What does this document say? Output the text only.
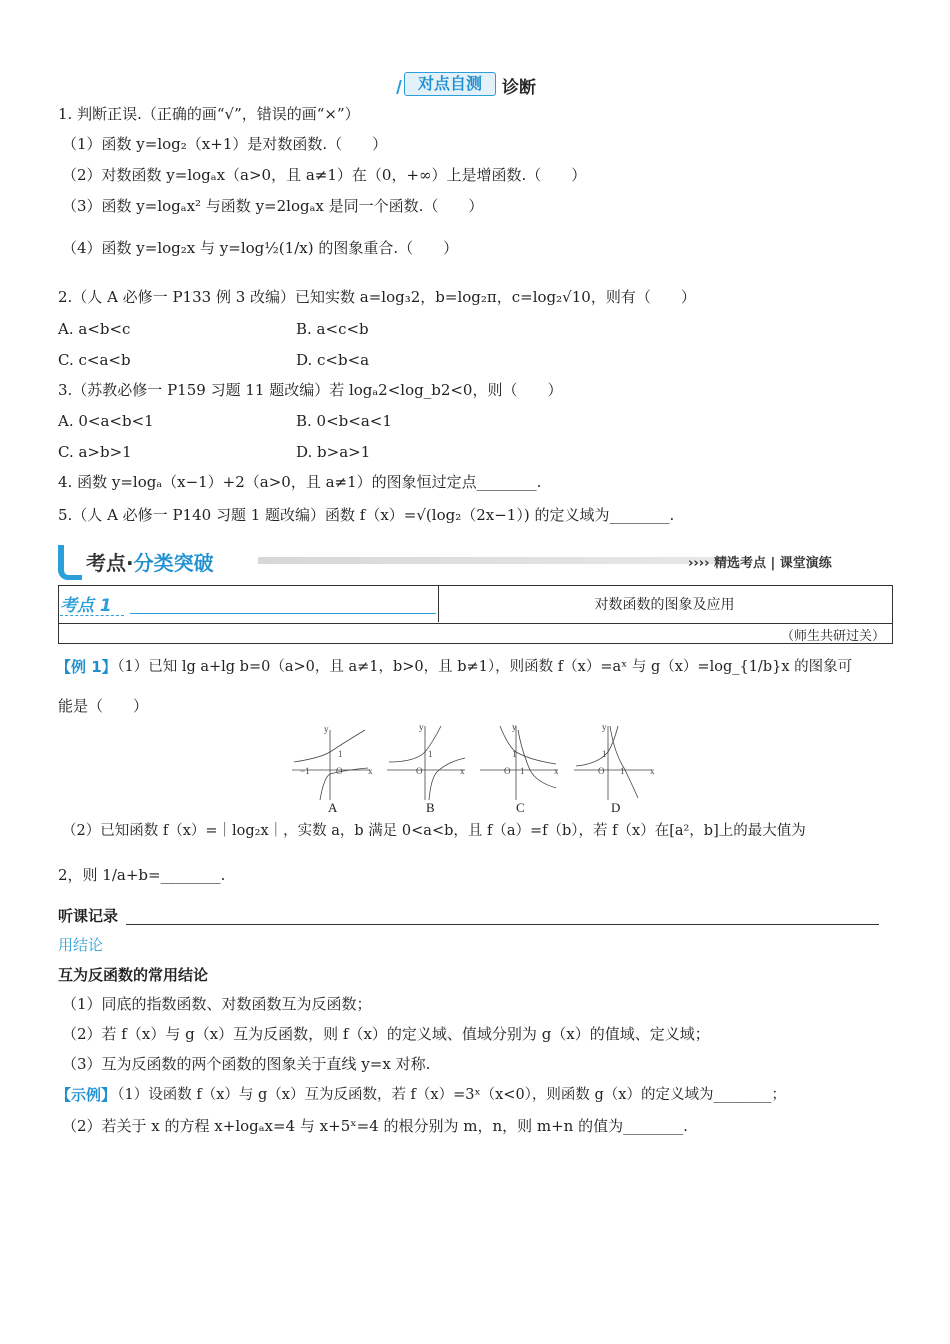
对点自测	诊断
1. 判断正误.（正确的画“√”，错误的画“×”）
（1）函数 y=log₂（x+1）是对数函数.（　　）
（2）对数函数 y=logₐx（a>0，且 a≠1）在（0，+∞）上是增函数.（　　）
（3）函数 y=logₐx² 与函数 y=2logₐx 是同一个函数.（　　）
（4）函数 y=log₂x 与 y=log½(1/x) 的图象重合.（　　）
2.（人 A 必修一 P133 例 3 改编）已知实数 a=log₃2，b=log₂π，c=log₂√10，则有（　　）
A. a<b<c	B. a<c<b
C. c<a<b	D. c<b<a
3.（苏教必修一 P159 习题 11 题改编）若 logₐ2<log_b2<0，则（　　）
A. 0<a<b<1	B. 0<b<a<1
C. a>b>1	D. b>a>1
4. 函数 y=logₐ（x−1）+2（a>0，且 a≠1）的图象恒过定点________.
5.（人 A 必修一 P140 习题 1 题改编）函数 f（x）=√(log₂（2x−1）) 的定义域为________.
考点·分类突破	›››› 精选考点 | 课堂演练
考点 1	对数函数的图象及应用
（师生共研过关）
【例 1】
（1）已知 lg a+lg b=0（a>0，且 a≠1，b>0，且 b≠1），则函数 f（x）=aˣ 与 g（x）=log_{1/b}x 的图象可
能是（　　）
−1	O
1
x
y
O
1
x
y
O 1
1
x
y
O 1
1
x
y
A	B	C	D
（2）已知函数 f（x）=｜log₂x｜，实数 a，b 满足 0<a<b，且 f（a）=f（b），若 f（x）在[a²，b]上的最大值为
2，则 1/a+b=________.
听课记录
用结论
互为反函数的常用结论
（1）同底的指数函数、对数函数互为反函数；
（2）若 f（x）与 g（x）互为反函数，则 f（x）的定义域、值域分别为 g（x）的值域、定义域；
（3）互为反函数的两个函数的图象关于直线 y=x 对称.
【示例】
（1）设函数 f（x）与 g（x）互为反函数，若 f（x）=3ˣ（x<0），则函数 g（x）的定义域为________；
（2）若关于 x 的方程 x+logₐx=4 与 x+5ˣ=4 的根分别为 m，n，则 m+n 的值为________.
